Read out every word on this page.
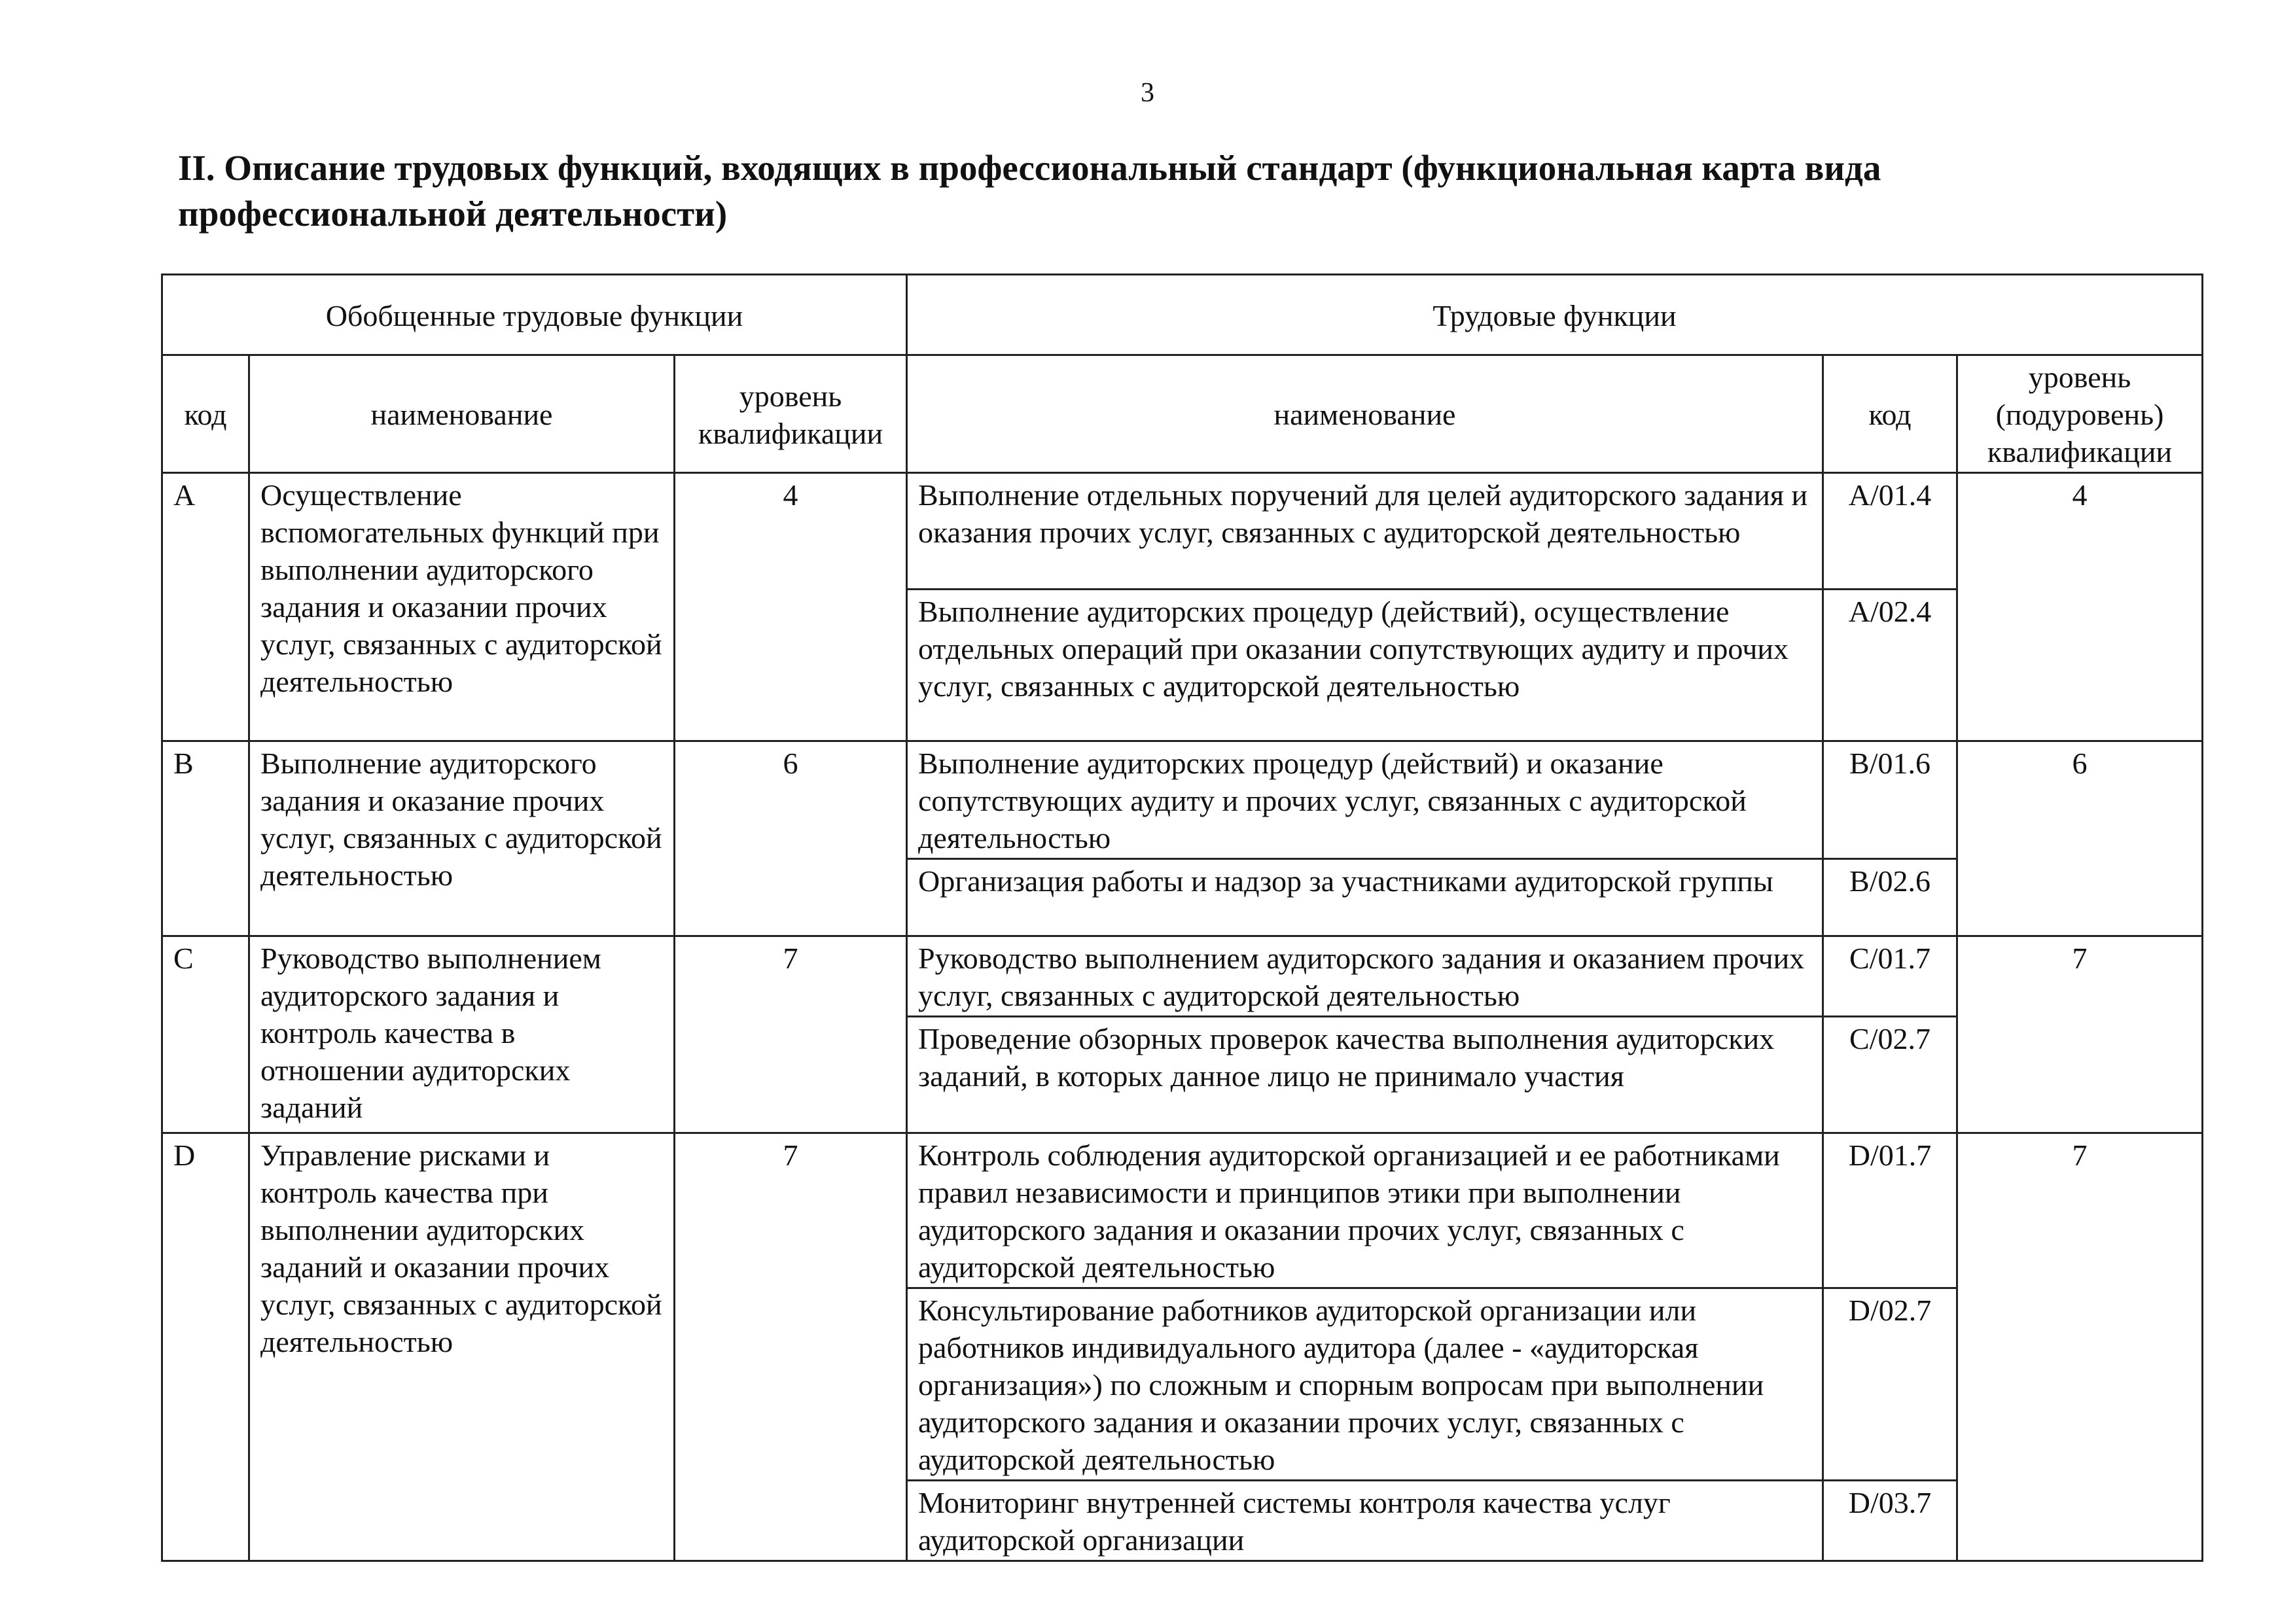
3
II. Описание трудовых функций, входящих в профессиональный стандарт (функциональная карта вида профессиональной деятельности)
Обобщенные трудовые функции			Трудовые функции		
код	наименование	уровень квалификации	наименование	код	уровень (подуровень) квалификации
A	Осуществление вспомогательных функций при выполнении аудиторского задания и оказании прочих услуг, связанных с аудиторской деятельностью	4	Выполнение отдельных поручений для целей аудиторского задания и оказания прочих услуг, связанных с аудиторской деятельностью	A/01.4	4
			Выполнение аудиторских процедур (действий), осуществление отдельных операций при оказании сопутствующих аудиту и прочих услуг, связанных с аудиторской деятельностью	A/02.4	
B	Выполнение аудиторского задания и оказание прочих услуг, связанных с аудиторской деятельностью	6	Выполнение аудиторских процедур (действий) и оказание сопутствующих аудиту и прочих услуг, связанных с аудиторской деятельностью	B/01.6	6
			Организация работы и надзор за участниками аудиторской группы	B/02.6	
C	Руководство выполнением аудиторского задания и контроль качества в отношении аудиторских заданий	7	Руководство выполнением аудиторского задания и оказанием прочих услуг, связанных с аудиторской деятельностью	C/01.7	7
			Проведение обзорных проверок качества выполнения аудиторских заданий, в которых данное лицо не принимало участия	C/02.7	
D	Управление рисками и контроль качества при выполнении аудиторских заданий и оказании прочих услуг, связанных с аудиторской деятельностью	7	Контроль соблюдения аудиторской организацией и ее работниками правил независимости и принципов этики при выполнении аудиторского задания и оказании прочих услуг, связанных с аудиторской деятельностью	D/01.7	7
			Консультирование работников аудиторской организации или работников индивидуального аудитора (далее - «аудиторская организация») по сложным и спорным вопросам при выполнении аудиторского задания и оказании прочих услуг, связанных с аудиторской деятельностью	D/02.7	
			Мониторинг внутренней системы контроля качества услуг аудиторской организации	D/03.7	
